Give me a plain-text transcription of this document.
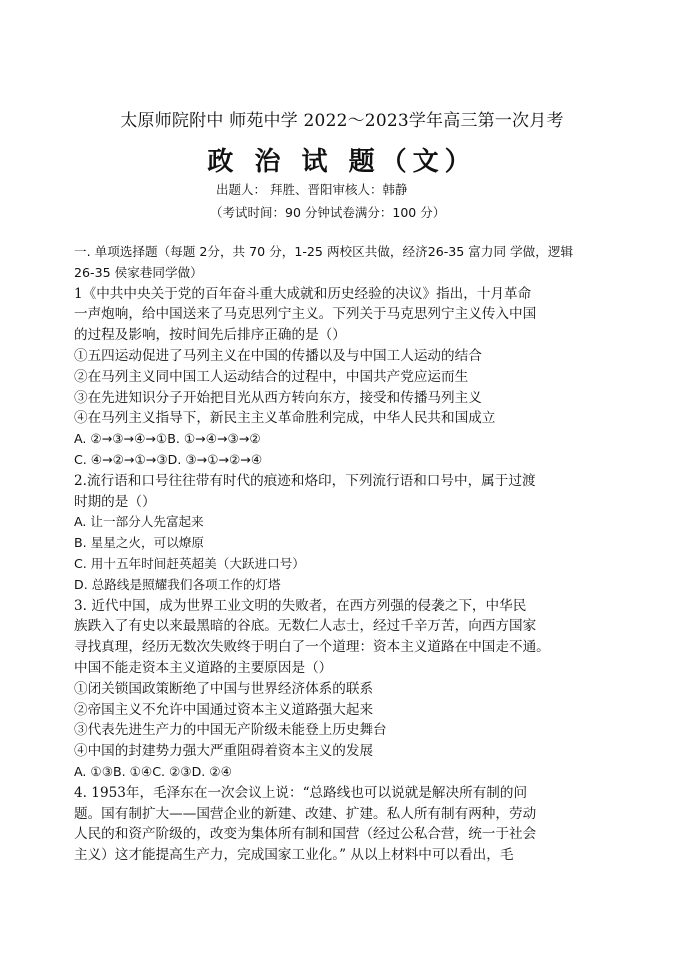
太原师院附中 师苑中学 2022～2023学年高三第一次月考
政 治 试 题（文）
出题人： 拜胜、晋阳审核人：韩静
（考试时间：90 分钟试卷满分：100 分）
一. 单项选择题（每题 2分，共 70 分，1-25 两校区共做，经济26-35 富力同 学做，逻辑
26-35 侯家巷同学做）
1《中共中央关于党的百年奋斗重大成就和历史经验的决议》指出，十月革命
一声炮响，给中国送来了马克思列宁主义。下列关于马克思列宁主义传入中国
的过程及影响，按时间先后排序正确的是（）
①五四运动促进了马列主义在中国的传播以及与中国工人运动的结合
②在马列主义同中国工人运动结合的过程中，中国共产党应运而生
③在先进知识分子开始把目光从西方转向东方，接受和传播马列主义
④在马列主义指导下，新民主主义革命胜利完成，中华人民共和国成立
A. ②→③→④→①B. ①→④→③→②
C. ④→②→①→③D. ③→①→②→④
2.流行语和口号往往带有时代的痕迹和烙印，下列流行语和口号中，属于过渡
时期的是（）
A. 让一部分人先富起来
B. 星星之火，可以燎原
C. 用十五年时间赶英超美（大跃进口号）
D. 总路线是照耀我们各项工作的灯塔
3. 近代中国，成为世界工业文明的失败者，在西方列强的侵袭之下，中华民
族跌入了有史以来最黑暗的谷底。无数仁人志士，经过千辛万苦，向西方国家
寻找真理，经历无数次失败终于明白了一个道理：资本主义道路在中国走不通。
中国不能走资本主义道路的主要原因是（）
①闭关锁国政策断绝了中国与世界经济体系的联系
②帝国主义不允许中国通过资本主义道路强大起来
③代表先进生产力的中国无产阶级未能登上历史舞台
④中国的封建势力强大严重阻碍着资本主义的发展
A. ①③B. ①④C. ②③D. ②④
4. 1953年，毛泽东在一次会议上说：“总路线也可以说就是解决所有制的问
题。国有制扩大——国营企业的新建、改建、扩建。私人所有制有两种，劳动
人民的和资产阶级的，改变为集体所有制和国营（经过公私合营，统一于社会
主义）这才能提高生产力，完成国家工业化。” 从以上材料中可以看出，毛
